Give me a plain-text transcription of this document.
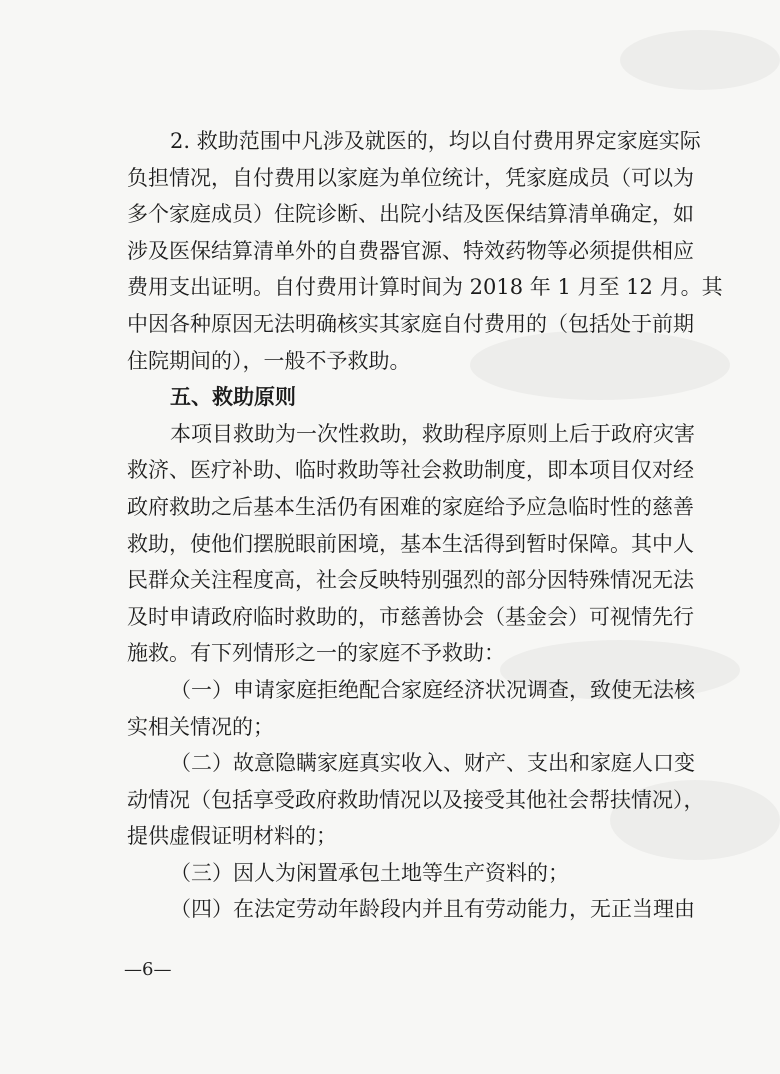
2. 救助范围中凡涉及就医的，均以自付费用界定家庭实际
负担情况，自付费用以家庭为单位统计，凭家庭成员（可以为
多个家庭成员）住院诊断、出院小结及医保结算清单确定，如
涉及医保结算清单外的自费器官源、特效药物等必须提供相应
费用支出证明。自付费用计算时间为 2018 年 1 月至 12 月。其
中因各种原因无法明确核实其家庭自付费用的（包括处于前期
住院期间的），一般不予救助。
五、救助原则
本项目救助为一次性救助，救助程序原则上后于政府灾害
救济、医疗补助、临时救助等社会救助制度，即本项目仅对经
政府救助之后基本生活仍有困难的家庭给予应急临时性的慈善
救助，使他们摆脱眼前困境，基本生活得到暂时保障。其中人
民群众关注程度高，社会反映特别强烈的部分因特殊情况无法
及时申请政府临时救助的，市慈善协会（基金会）可视情先行
施救。有下列情形之一的家庭不予救助：
（一）申请家庭拒绝配合家庭经济状况调查，致使无法核
实相关情况的；
（二）故意隐瞒家庭真实收入、财产、支出和家庭人口变
动情况（包括享受政府救助情况以及接受其他社会帮扶情况），
提供虚假证明材料的；
（三）因人为闲置承包土地等生产资料的；
（四）在法定劳动年龄段内并且有劳动能力，无正当理由
—6—
